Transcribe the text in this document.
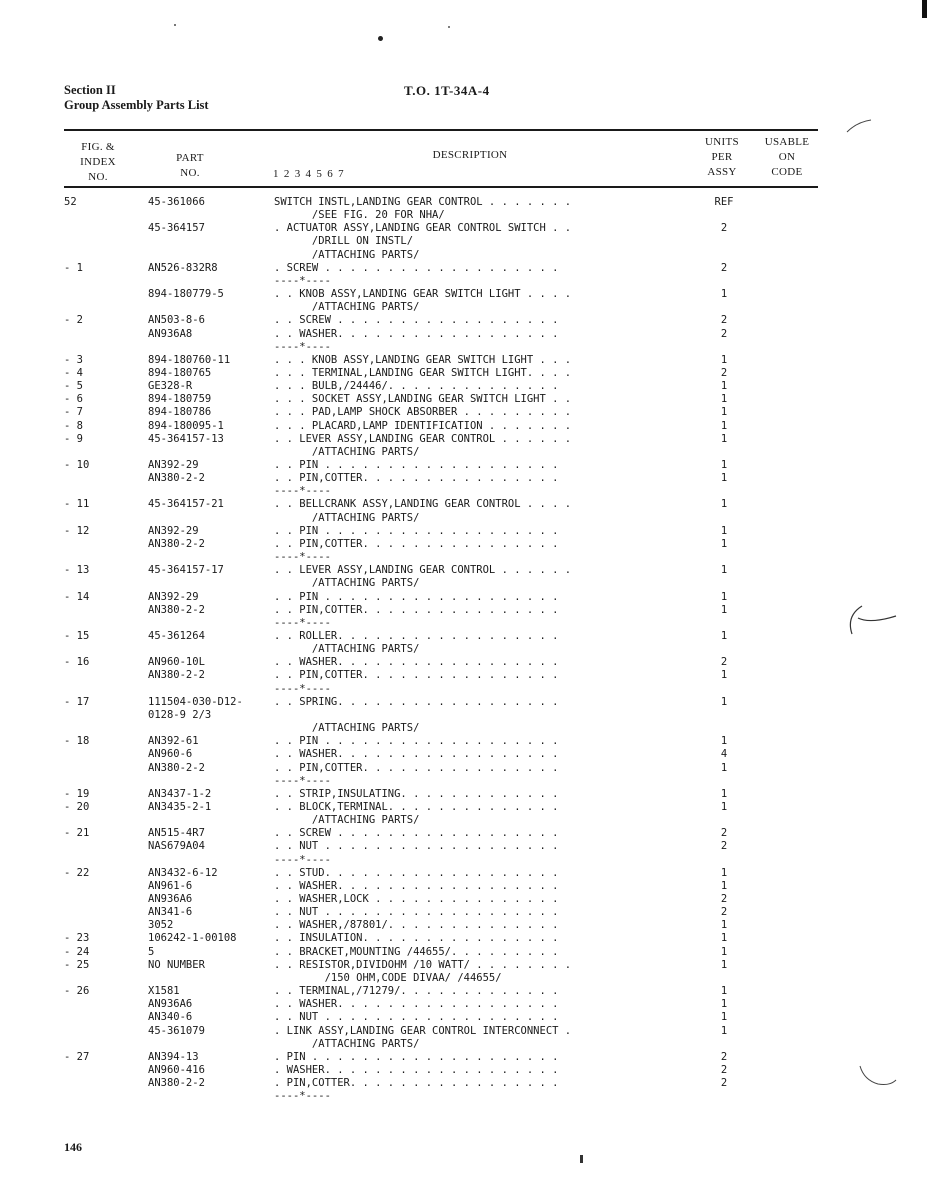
Section II
Group Assembly Parts List
T.O. 1T-34A-4
FIG. &
INDEX
NO.
PART
NO.
DESCRIPTION
1 2 3 4 5 6 7
UNITS
PER
ASSY
USABLE
ON
CODE
52	45-361066	SWITCH INSTL,LANDING GEAR CONTROL . . . . . . .	REF
/SEE FIG. 20 FOR NHA/
45-364157	. ACTUATOR ASSY,LANDING GEAR CONTROL SWITCH . .	2
/DRILL ON INSTL/
/ATTACHING PARTS/
- 1	AN526-832R8	. SCREW . . . . . . . . . . . . . . . . . . .	2
----*----
894-180779-5	. . KNOB ASSY,LANDING GEAR SWITCH LIGHT . . . .	1
/ATTACHING PARTS/
- 2	AN503-8-6	. . SCREW . . . . . . . . . . . . . . . . . .	2
AN936A8	. . WASHER. . . . . . . . . . . . . . . . . .	2
----*----
- 3	894-180760-11	. . . KNOB ASSY,LANDING GEAR SWITCH LIGHT . . .	1
- 4	894-180765	. . . TERMINAL,LANDING GEAR SWITCH LIGHT. . . .	2
- 5	GE328-R	. . . BULB,/24446/. . . . . . . . . . . . . .	1
- 6	894-180759	. . . SOCKET ASSY,LANDING GEAR SWITCH LIGHT . .	1
- 7	894-180786	. . . PAD,LAMP SHOCK ABSORBER . . . . . . . . .	1
- 8	894-180095-1	. . . PLACARD,LAMP IDENTIFICATION . . . . . . .	1
- 9	45-364157-13	. . LEVER ASSY,LANDING GEAR CONTROL . . . . . .	1
/ATTACHING PARTS/
- 10	AN392-29	. . PIN . . . . . . . . . . . . . . . . . . .	1
AN380-2-2	. . PIN,COTTER. . . . . . . . . . . . . . . .	1
----*----
- 11	45-364157-21	. . BELLCRANK ASSY,LANDING GEAR CONTROL . . . .	1
/ATTACHING PARTS/
- 12	AN392-29	. . PIN . . . . . . . . . . . . . . . . . . .	1
AN380-2-2	. . PIN,COTTER. . . . . . . . . . . . . . . .	1
----*----
- 13	45-364157-17	. . LEVER ASSY,LANDING GEAR CONTROL . . . . . .	1
/ATTACHING PARTS/
- 14	AN392-29	. . PIN . . . . . . . . . . . . . . . . . . .	1
AN380-2-2	. . PIN,COTTER. . . . . . . . . . . . . . . .	1
----*----
- 15	45-361264	. . ROLLER. . . . . . . . . . . . . . . . . .	1
/ATTACHING PARTS/
- 16	AN960-10L	. . WASHER. . . . . . . . . . . . . . . . . .	2
AN380-2-2	. . PIN,COTTER. . . . . . . . . . . . . . . .	1
----*----
- 17	111504-030-D12-	. . SPRING. . . . . . . . . . . . . . . . . .	1
0128-9 2/3
/ATTACHING PARTS/
- 18	AN392-61	. . PIN . . . . . . . . . . . . . . . . . . .	1
AN960-6	. . WASHER. . . . . . . . . . . . . . . . . .	4
AN380-2-2	. . PIN,COTTER. . . . . . . . . . . . . . . .	1
----*----
- 19	AN3437-1-2	. . STRIP,INSULATING. . . . . . . . . . . . .	1
- 20	AN3435-2-1	. . BLOCK,TERMINAL. . . . . . . . . . . . . .	1
/ATTACHING PARTS/
- 21	AN515-4R7	. . SCREW . . . . . . . . . . . . . . . . . .	2
NAS679A04	. . NUT . . . . . . . . . . . . . . . . . . .	2
----*----
- 22	AN3432-6-12	. . STUD. . . . . . . . . . . . . . . . . . .	1
AN961-6	. . WASHER. . . . . . . . . . . . . . . . . .	1
AN936A6	. . WASHER,LOCK . . . . . . . . . . . . . . .	2
AN341-6	. . NUT . . . . . . . . . . . . . . . . . . .	2
3052	. . WASHER,/87801/. . . . . . . . . . . . . .	1
- 23	106242-1-00108	. . INSULATION. . . . . . . . . . . . . . . .	1
- 24	5	. . BRACKET,MOUNTING /44655/. . . . . . . . .	1
- 25	NO NUMBER	. . RESISTOR,DIVIDOHM /10 WATT/ . . . . . . . .	1
/150 OHM,CODE DIVAA/ /44655/
- 26	X1581	. . TERMINAL,/71279/. . . . . . . . . . . . .	1
AN936A6	. . WASHER. . . . . . . . . . . . . . . . . .	1
AN340-6	. . NUT . . . . . . . . . . . . . . . . . . .	1
45-361079	. LINK ASSY,LANDING GEAR CONTROL INTERCONNECT .	1
/ATTACHING PARTS/
- 27	AN394-13	. PIN . . . . . . . . . . . . . . . . . . . .	2
AN960-416	. WASHER. . . . . . . . . . . . . . . . . . .	2
AN380-2-2	. PIN,COTTER. . . . . . . . . . . . . . . . .	2
----*----
146
